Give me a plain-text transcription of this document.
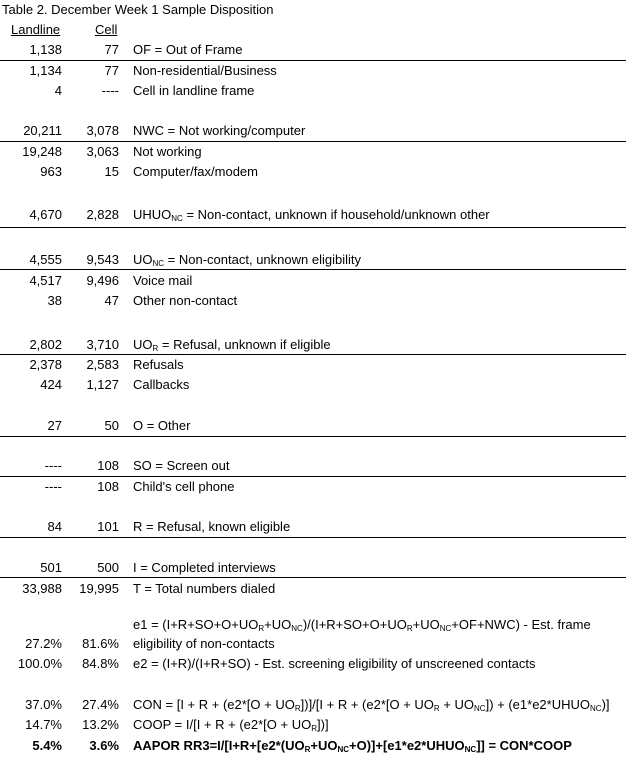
Table 2. December Week 1 Sample Disposition
Landline	Cell
1,138	77 OF = Out of Frame
1,134	77 Non-residential/Business
4	---- Cell in landline frame
20,211	3,078 NWC = Not working/computer
19,248	3,063 Not working
963	15 Computer/fax/modem
4,670	2,828 $UHUO_{NC}$ = Non-contact, unknown if household/unknown other
4,555	9,543 $UO_{NC}$ = Non-contact, unknown eligibility
4,517	9,496 Voice mail
38	47 Other non-contact
2,802	3,710 $UO_R$ = Refusal, unknown if eligible
2,378	2,583 Refusals
424	1,127 Callbacks
27	50 O = Other
----	108 SO = Screen out
----	108 Child's cell phone
84	101 R = Refusal, known eligible
501	500 I = Completed interviews
33,988	19,995 T = Total numbers dialed
$e1 = (I+R+SO+O+UO_R+UO_{NC})/(I+R+SO+O+UO_R+UO_{NC}+OF+NWC)$ - Est. frame
27.2%	81.6% eligibility of non-contacts
100.0%	84.8% e2 = (I+R)/(I+R+SO) - Est. screening eligibility of unscreened contacts
37.0%	27.4% CON = $[I + R + (e2*[O + UO_R])]/[I + R + (e2*[O + UO_R + UO_{NC}])$ + $(e1*e2*UHUO_{NC})$]
14.7%	13.2% COOP = $I/[I + R + (e2*[O + UO_R])]$
5.4%	3.6% AAPOR $RR3=I/[I+R+[e2*(UO_R+UO_{NC}+O)]+[e1*e2*UHUO_{NC}]]$ = CON*COOP
